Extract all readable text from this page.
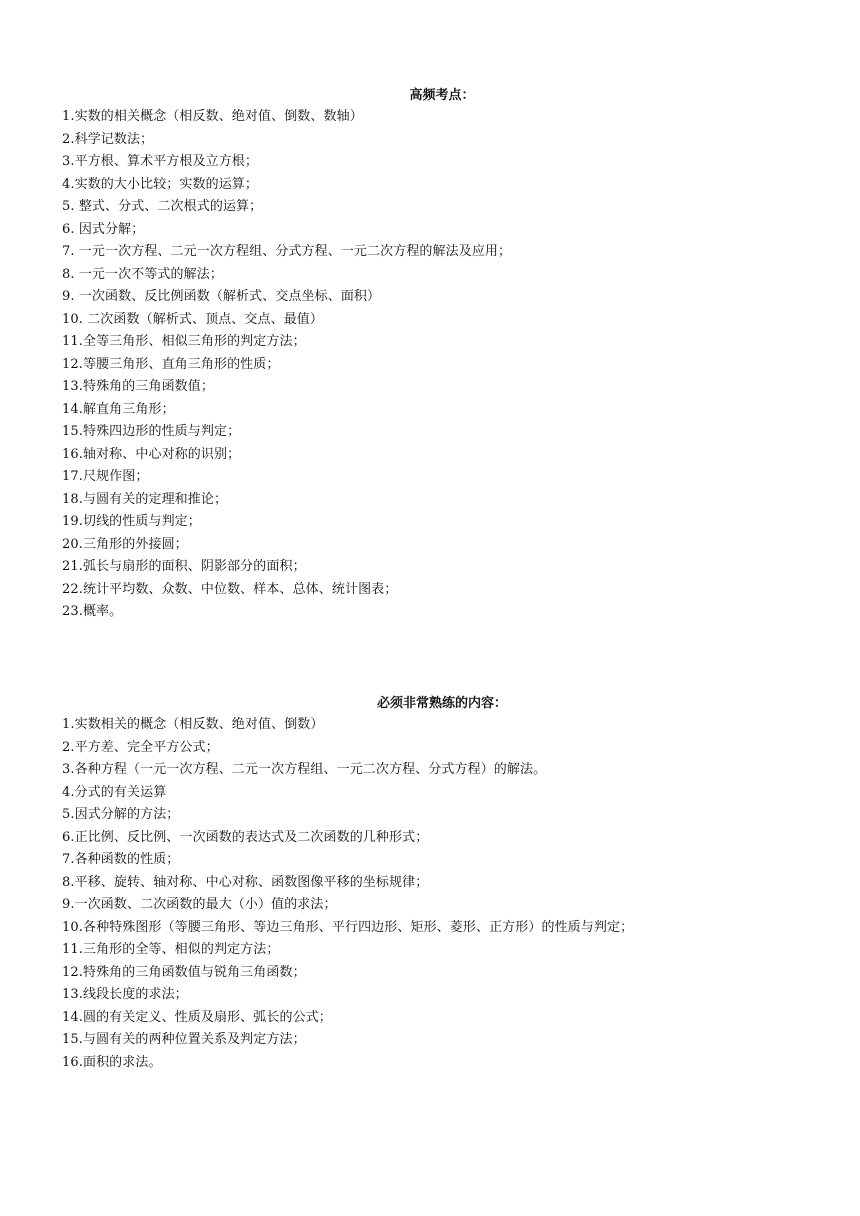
高频考点：
1.实数的相关概念（相反数、绝对值、倒数、数轴）
2.科学记数法；
3.平方根、算术平方根及立方根；
4.实数的大小比较；实数的运算；
5. 整式、分式、二次根式的运算；
6. 因式分解；
7. 一元一次方程、二元一次方程组、分式方程、一元二次方程的解法及应用；
8. 一元一次不等式的解法；
9. 一次函数、反比例函数（解析式、交点坐标、面积）
10. 二次函数（解析式、顶点、交点、最值）
11.全等三角形、相似三角形的判定方法；
12.等腰三角形、直角三角形的性质；
13.特殊角的三角函数值；
14.解直角三角形；
15.特殊四边形的性质与判定；
16.轴对称、中心对称的识别；
17.尺规作图；
18.与圆有关的定理和推论；
19.切线的性质与判定；
20.三角形的外接圆；
21.弧长与扇形的面积、阴影部分的面积；
22.统计平均数、众数、中位数、样本、总体、统计图表；
23.概率。
必须非常熟练的内容：
1.实数相关的概念（相反数、绝对值、倒数）
2.平方差、完全平方公式；
3.各种方程（一元一次方程、二元一次方程组、一元二次方程、分式方程）的解法。
4.分式的有关运算
5.因式分解的方法；
6.正比例、反比例、一次函数的表达式及二次函数的几种形式；
7.各种函数的性质；
8.平移、旋转、轴对称、中心对称、函数图像平移的坐标规律；
9.一次函数、二次函数的最大（小）值的求法；
10.各种特殊图形（等腰三角形、等边三角形、平行四边形、矩形、菱形、正方形）的性质与判定；
11.三角形的全等、相似的判定方法；
12.特殊角的三角函数值与锐角三角函数；
13.线段长度的求法；
14.圆的有关定义、性质及扇形、弧长的公式；
15.与圆有关的两种位置关系及判定方法；
16.面积的求法。
